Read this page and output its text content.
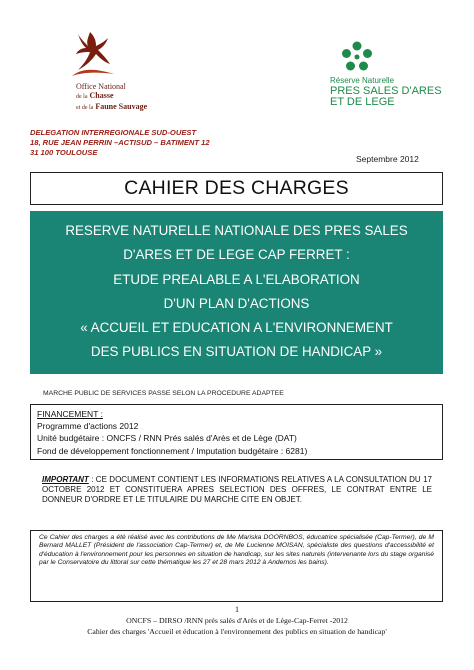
Office National
de la Chasse
et de la Faune Sauvage
Réserve Naturelle
PRES SALES D'ARES
ET DE LEGE
DELEGATION INTERREGIONALE SUD-OUEST
18, RUE JEAN PERRIN –ACTISUD – BATIMENT 12
31 100 TOULOUSE
Septembre 2012
CAHIER DES CHARGES
RESERVE NATURELLE NATIONALE DES PRES SALES
D'ARES ET DE LEGE CAP FERRET :
ETUDE PREALABLE A L'ELABORATION
D'UN PLAN D'ACTIONS
« ACCUEIL ET EDUCATION A L'ENVIRONNEMENT
DES PUBLICS EN SITUATION DE HANDICAP »
MARCHE PUBLIC DE SERVICES PASSE SELON LA PROCEDURE ADAPTEE
FINANCEMENT :
Programme d'actions 2012
Unité budgétaire : ONCFS / RNN Prés salés d'Arès et de Lège (DAT)
Fond de développement fonctionnement / Imputation budgétaire : 6281)
IMPORTANT : CE DOCUMENT CONTIENT LES INFORMATIONS RELATIVES A LA CONSULTATION DU 17 OCTOBRE 2012 ET CONSTITUERA APRES SELECTION DES OFFRES, LE CONTRAT ENTRE LE DONNEUR D'ORDRE ET LE TITULAIRE DU MARCHE CITE EN OBJET.
Ce Cahier des charges a été réalisé avec les contributions de Me Mariska DOORNBOS, éducatrice spécialisée (Cap-Termer), de M Bernard MALLET (Président de l'association Cap-Termer) et, de Me Lucienne MOISAN, spécialiste des questions d'accessibilité et d'éducation à l'environnement pour les personnes en situation de handicap, sur les sites naturels (intervenante lors du stage organisé par le Conservatoire du littoral sur cette thématique les 27 et 28 mars 2012 à Andernos les bains).
1
ONCFS – DIRSO /RNN prés salés d'Arès et de Lège-Cap-Ferret -2012
Cahier des charges 'Accueil et éducation à l'environnement des publics en situation de handicap'
